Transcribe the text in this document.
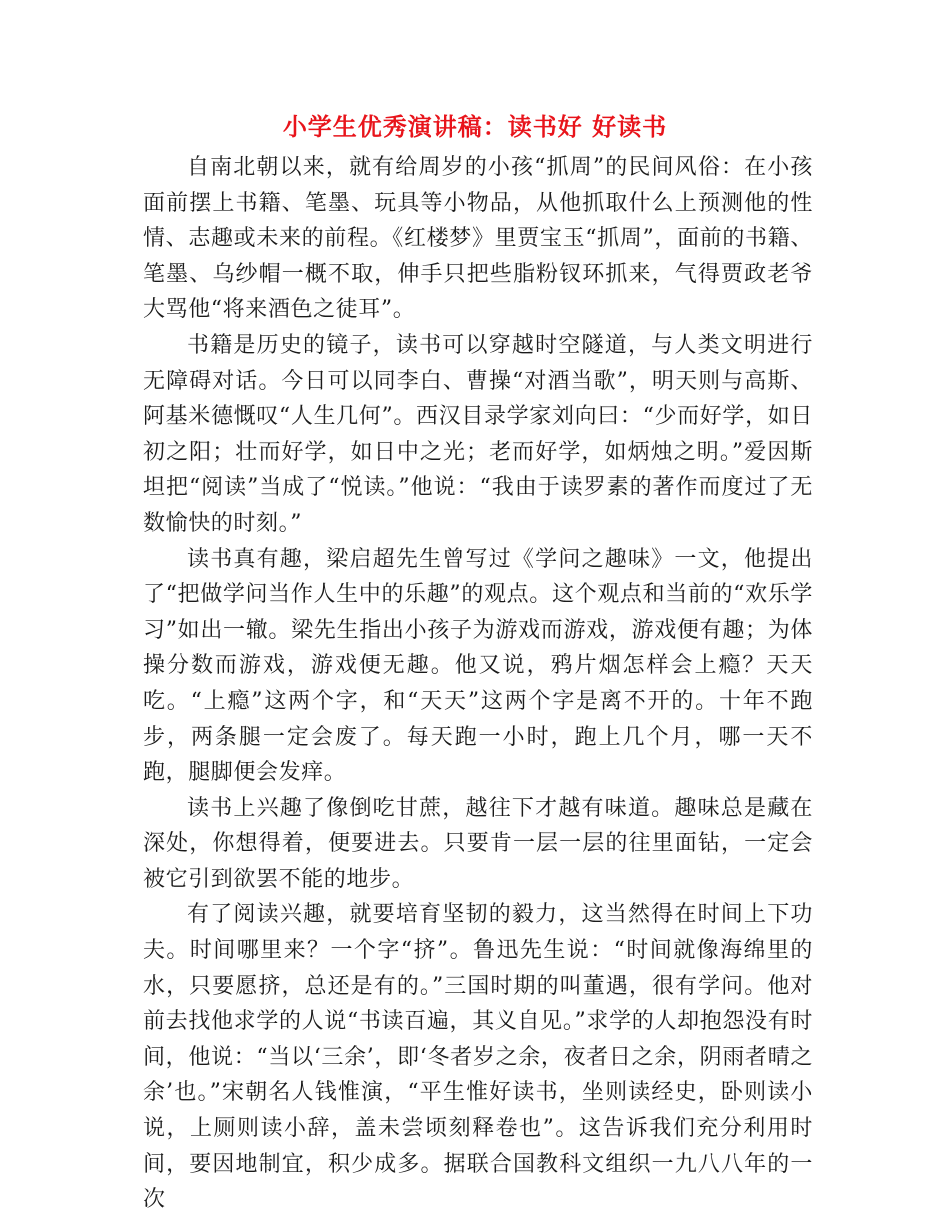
小学生优秀演讲稿：读书好 好读书

自南北朝以来，就有给周岁的小孩“抓周”的民间风俗：在小孩面前摆上书籍、笔墨、玩具等小物品，从他抓取什么上预测他的性情、志趣或未来的前程。《红楼梦》里贾宝玉“抓周”，面前的书籍、笔墨、乌纱帽一概不取，伸手只把些脂粉钗环抓来，气得贾政老爷大骂他“将来酒色之徒耳”。

书籍是历史的镜子，读书可以穿越时空隧道，与人类文明进行无障碍对话。今日可以同李白、曹操“对酒当歌”，明天则与高斯、阿基米德慨叹“人生几何”。西汉目录学家刘向曰：“少而好学，如日初之阳；壮而好学，如日中之光；老而好学，如炳烛之明。”爱因斯坦把“阅读”当成了“悦读。”他说：“我由于读罗素的著作而度过了无数愉快的时刻。”

读书真有趣，梁启超先生曾写过《学问之趣味》一文，他提出了“把做学问当作人生中的乐趣”的观点。这个观点和当前的“欢乐学习”如出一辙。梁先生指出小孩子为游戏而游戏，游戏便有趣；为体操分数而游戏，游戏便无趣。他又说，鸦片烟怎样会上瘾？天天吃。“上瘾”这两个字，和“天天”这两个字是离不开的。十年不跑步，两条腿一定会废了。每天跑一小时，跑上几个月，哪一天不跑，腿脚便会发痒。

读书上兴趣了像倒吃甘蔗，越往下才越有味道。趣味总是藏在深处，你想得着，便要进去。只要肯一层一层的往里面钻，一定会被它引到欲罢不能的地步。

有了阅读兴趣，就要培育坚韧的毅力，这当然得在时间上下功夫。时间哪里来？一个字“挤”。鲁迅先生说：“时间就像海绵里的水，只要愿挤，总还是有的。”三国时期的叫董遇，很有学问。他对前去找他求学的人说“书读百遍，其义自见。”求学的人却抱怨没有时间，他说：“当以‘三余’，即‘冬者岁之余，夜者日之余，阴雨者晴之余’也。”宋朝名人钱惟演，“平生惟好读书，坐则读经史，卧则读小说，上厕则读小辞，盖未尝顷刻释卷也”。这告诉我们充分利用时间，要因地制宜，积少成多。据联合国教科文组织一九八八年的一次
